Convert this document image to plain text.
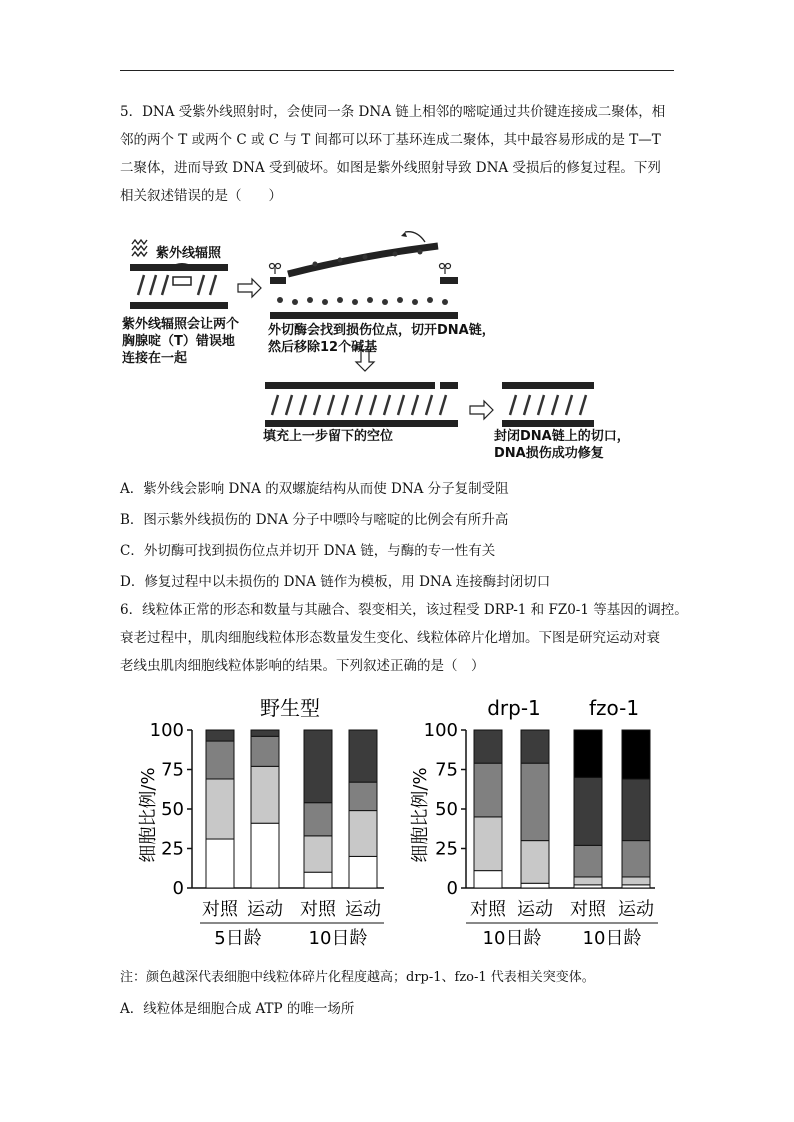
5．DNA 受紫外线照射时，会使同一条 DNA 链上相邻的嘧啶通过共价键连接成二聚体，相

邻的两个 T 或两个 C 或 C 与 T 间都可以环丁基环连成二聚体，其中最容易形成的是 T—T

二聚体，进而导致 DNA 受到破坏。如图是紫外线照射导致 DNA 受损后的修复过程。下列

相关叙述错误的是（　　）

紫外线辐照
紫外线辐照会让两个
胸腺啶（T）错误地
连接在一起
外切酶会找到损伤位点，切开DNA链，
然后移除12个碱基
填充上一步留下的空位	封闭DNA链上的切口，
DNA损伤成功修复
A．紫外线会影响 DNA 的双螺旋结构从而使 DNA 分子复制受阻
B．图示紫外线损伤的 DNA 分子中嘌呤与嘧啶的比例会有所升高
C．外切酶可找到损伤位点并切开 DNA 链，与酶的专一性有关
D．修复过程中以未损伤的 DNA 链作为模板，用 DNA 连接酶封闭切口

6．线粒体正常的形态和数量与其融合、裂变相关，该过程受 DRP-1 和 FZ0-1 等基因的调控。

衰老过程中，肌肉细胞线粒体形态数量发生变化、线粒体碎片化增加。下图是研究运动对衰

老线虫肌肉细胞线粒体影响的结果。下列叙述正确的是（　）

野生型
细胞比例/%
0
25
50
75
100
对照 运动 对照 运动
5日龄	10日龄
drp-1 fzo-1
细胞比例/%
0
25
50
75
100
对照 运动 对照 运动
10日龄 10日龄
注：颜色越深代表细胞中线粒体碎片化程度越高；drp-1、fzo-1 代表相关突变体。
A．线粒体是细胞合成 ATP 的唯一场所
